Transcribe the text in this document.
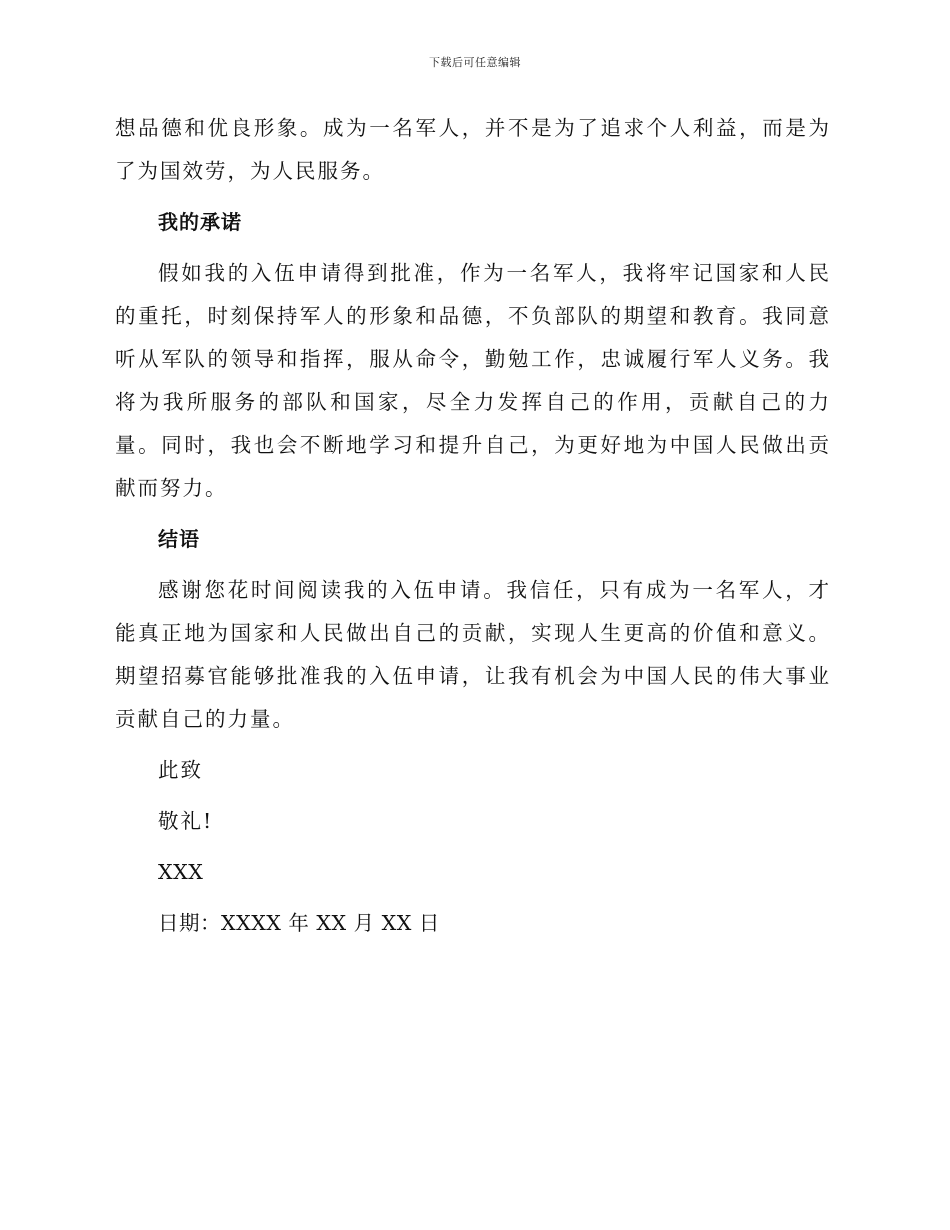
下载后可任意编辑

想品德和优良形象。成为一名军人，并不是为了追求个人利益，而是为了为国效劳，为人民服务。

我的承诺

假如我的入伍申请得到批准，作为一名军人，我将牢记国家和人民的重托，时刻保持军人的形象和品德，不负部队的期望和教育。我同意听从军队的领导和指挥，服从命令，勤勉工作，忠诚履行军人义务。我将为我所服务的部队和国家，尽全力发挥自己的作用，贡献自己的力量。同时，我也会不断地学习和提升自己，为更好地为中国人民做出贡献而努力。

结语

感谢您花时间阅读我的入伍申请。我信任，只有成为一名军人，才能真正地为国家和人民做出自己的贡献，实现人生更高的价值和意义。期望招募官能够批准我的入伍申请，让我有机会为中国人民的伟大事业贡献自己的力量。

此致
敬礼!
XXX
日期：XXXX 年 XX 月 XX 日
